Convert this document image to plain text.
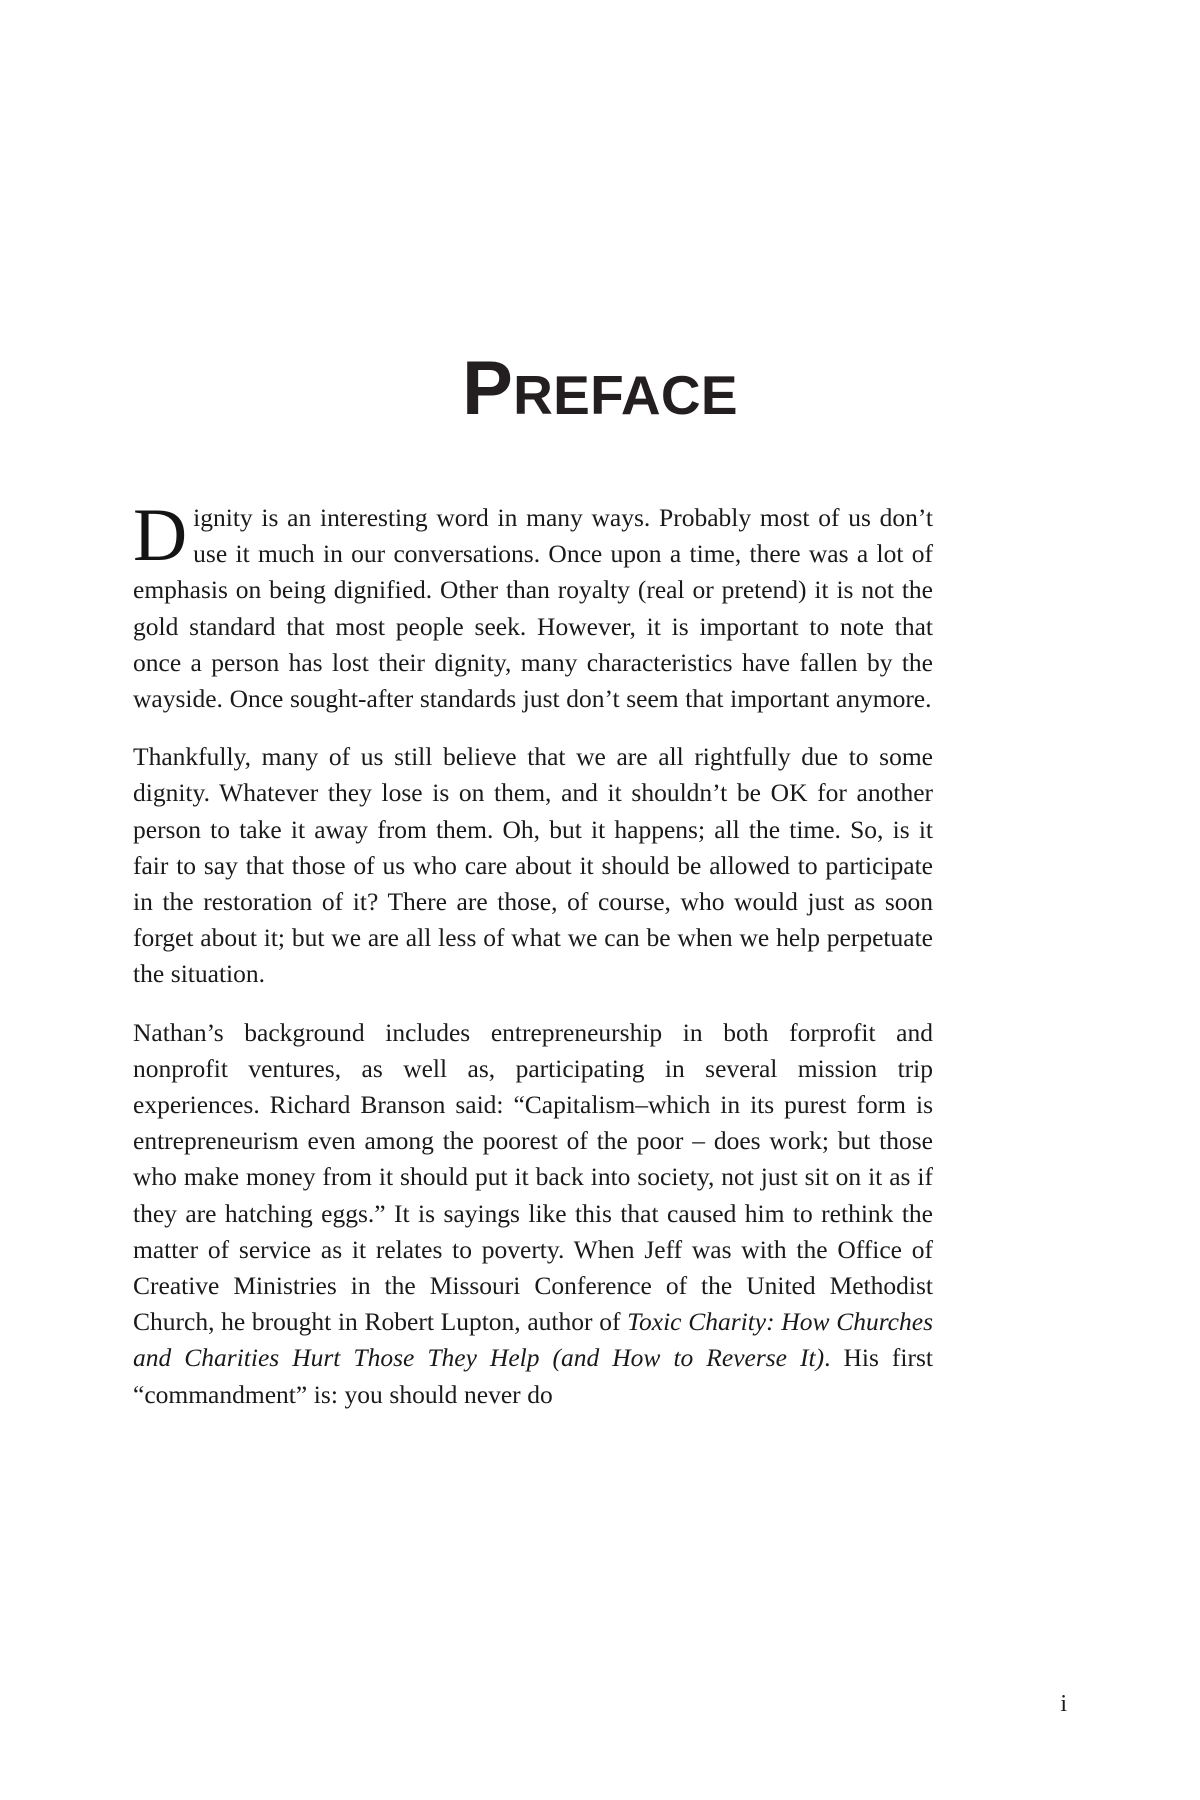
PREFACE

Dignity is an interesting word in many ways. Probably most of us don’t use it much in our conversations. Once upon a time, there was a lot of emphasis on being dignified. Other than royalty (real or pretend) it is not the gold standard that most people seek. However, it is important to note that once a person has lost their dignity, many characteristics have fallen by the wayside. Once sought-after standards just don’t seem that important anymore.

Thankfully, many of us still believe that we are all rightfully due to some dignity. Whatever they lose is on them, and it shouldn’t be OK for another person to take it away from them. Oh, but it happens; all the time. So, is it fair to say that those of us who care about it should be allowed to participate in the restoration of it? There are those, of course, who would just as soon forget about it; but we are all less of what we can be when we help perpetuate the situation.

Nathan’s background includes entrepreneurship in both forprofit and nonprofit ventures, as well as, participating in several mission trip experiences. Richard Branson said: “Capitalism–which in its purest form is entrepreneurism even among the poorest of the poor – does work; but those who make money from it should put it back into society, not just sit on it as if they are hatching eggs.” It is sayings like this that caused him to rethink the matter of service as it relates to poverty. When Jeff was with the Office of Creative Ministries in the Missouri Conference of the United Methodist Church, he brought in Robert Lupton, author of Toxic Charity: How Churches and Charities Hurt Those They Help (and How to Reverse It). His first “commandment” is: you should never do

i
